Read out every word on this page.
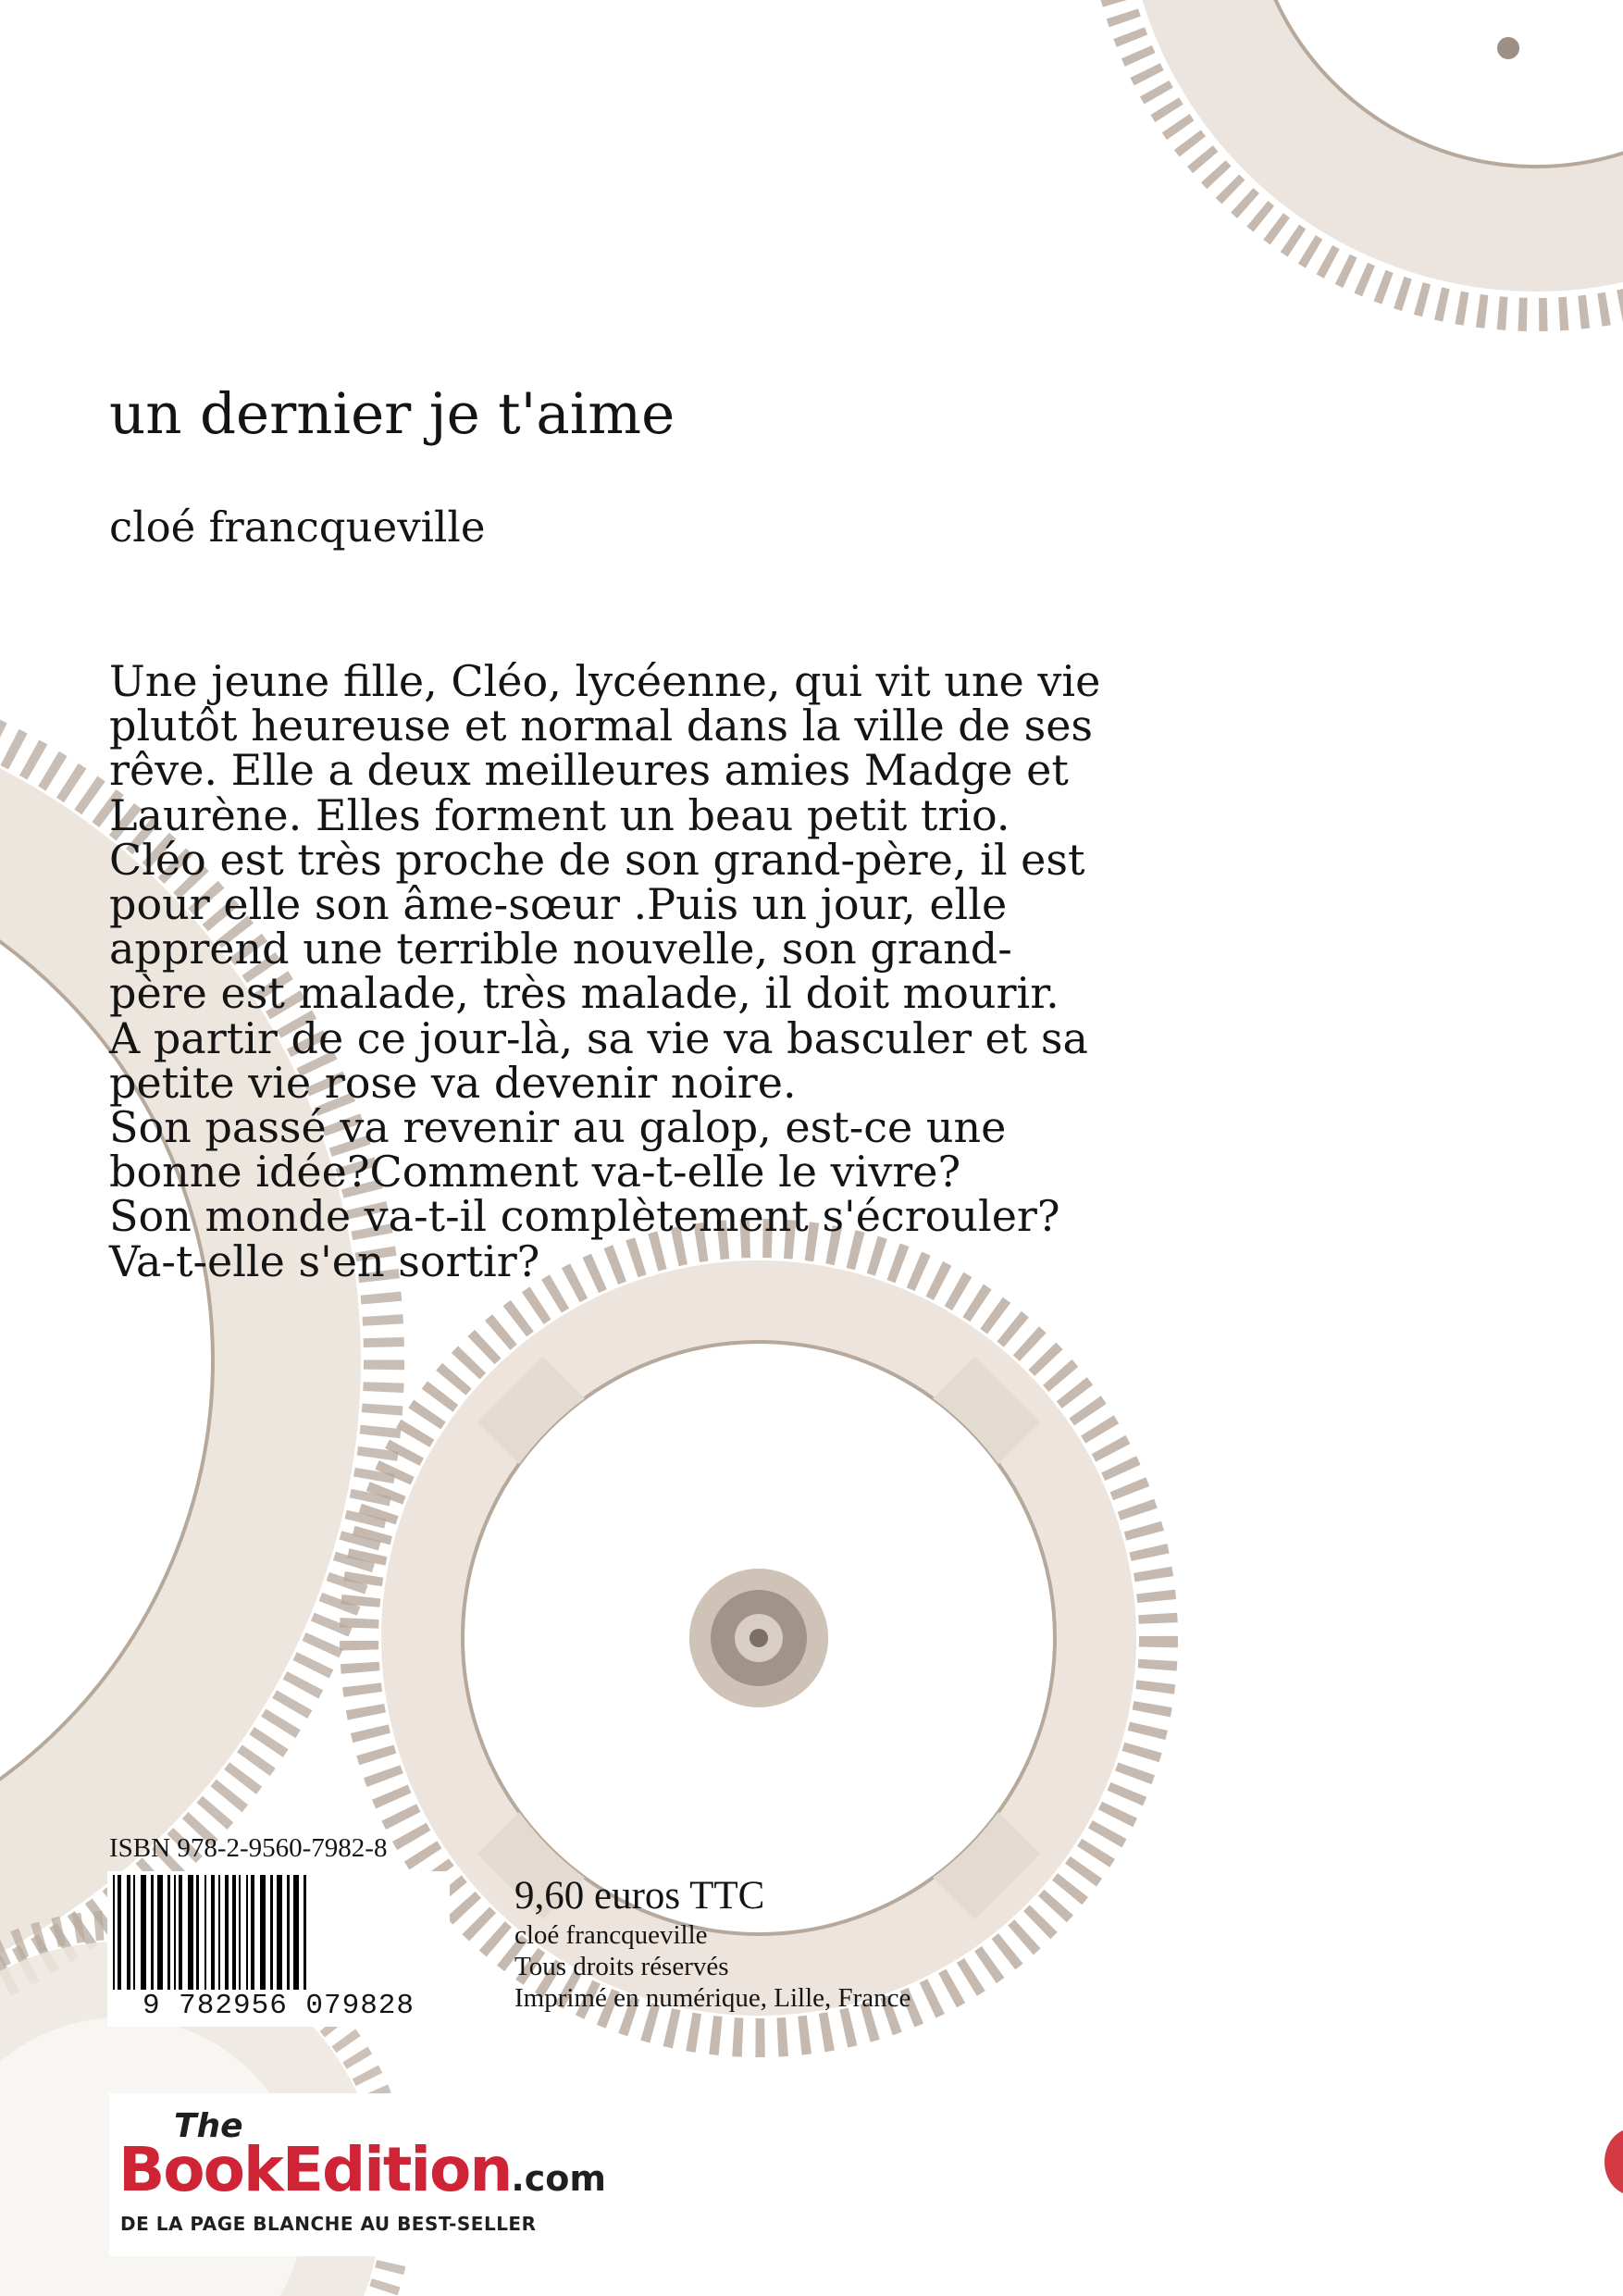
un dernier je t'aime

cloé francqueville

Une jeune fille, Cléo, lycéenne, qui vit une vie
plutôt heureuse et normal dans la ville de ses
rêve. Elle a deux meilleures amies Madge et
Laurène. Elles forment un beau petit trio.
Cléo est très proche de son grand-père, il est
pour elle son âme-sœur .Puis un jour, elle
apprend une terrible nouvelle, son grand-
père est malade, très malade, il doit mourir.
A partir de ce jour-là, sa vie va basculer et sa
petite vie rose va devenir noire.
Son passé va revenir au galop, est-ce une
bonne idée?Comment va-t-elle le vivre?
Son monde va-t-il complètement s'écrouler?
Va-t-elle s'en sortir?

ISBN 978-2-9560-7982-8

9 782956 079828
9,60 euros TTC
cloé francqueville
Tous droits réservés
Imprimé en numérique, Lille, France
The
BookEdition.com
DE LA PAGE BLANCHE AU BEST-SELLER
